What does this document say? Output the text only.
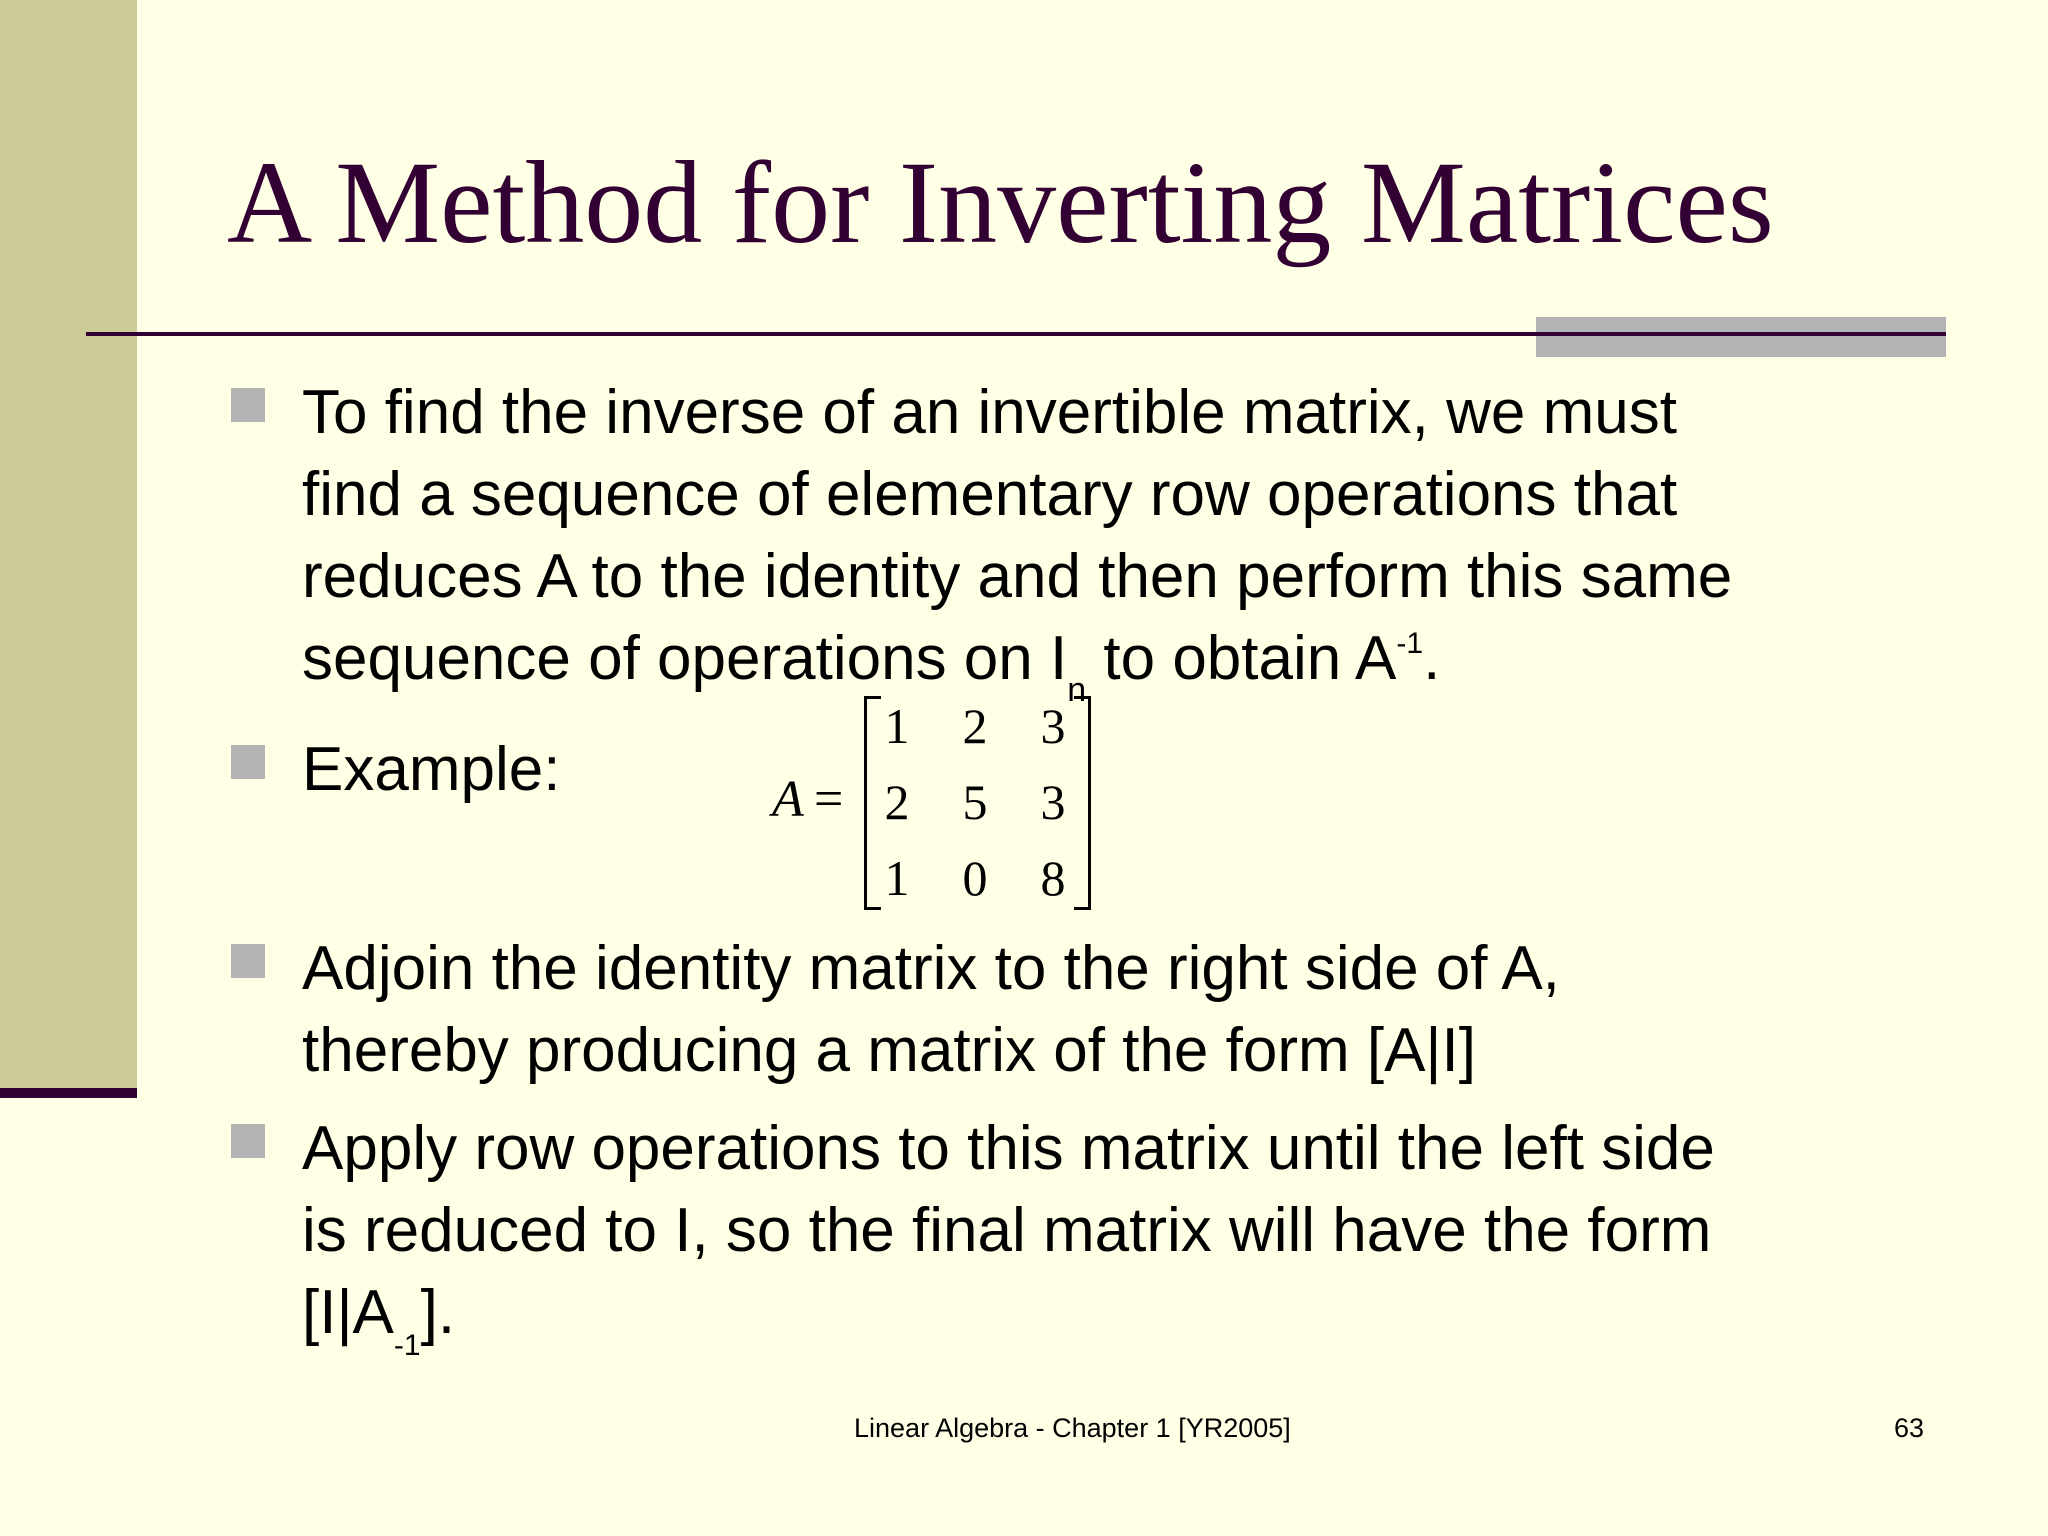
A Method for Inverting Matrices
To find the inverse of an invertible matrix, we must
find a sequence of elementary row operations that
reduces A to the identity and then perform this same
sequence of operations on $I_n$ to obtain $A^{-1}$.
Example:	A =
1 2 3
2 5 3
1 0 8
Adjoin the identity matrix to the right side of A,
thereby producing a matrix of the form [A|I]
Apply row operations to this matrix until the left side
is reduced to I, so the final matrix will have the form
$[I|A_{-1}]$.
Linear Algebra - Chapter 1 [YR2005]	63
